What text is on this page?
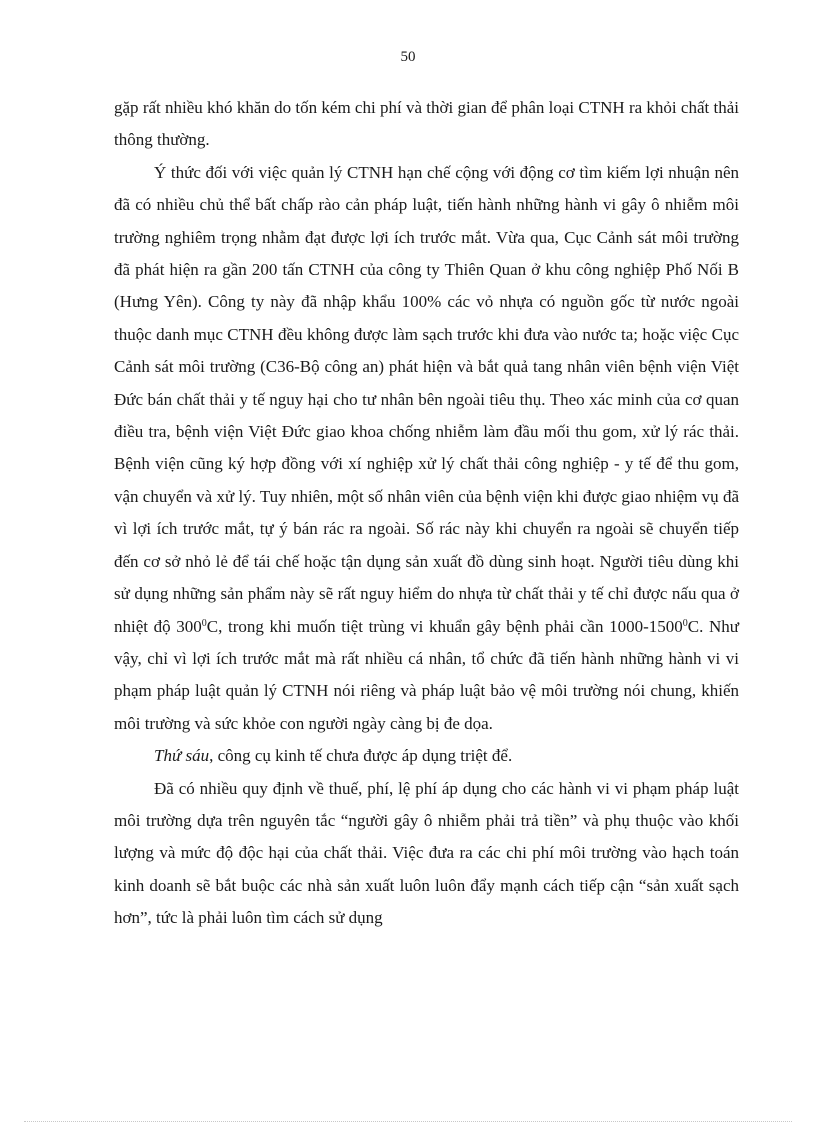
50

gặp rất nhiều khó khăn do tốn kém chi phí và thời gian để phân loại CTNH ra khỏi chất thải thông thường.

Ý thức đối với việc quản lý CTNH hạn chế cộng với động cơ tìm kiếm lợi nhuận nên đã có nhiều chủ thể bất chấp rào cản pháp luật, tiến hành những hành vi gây ô nhiễm môi trường nghiêm trọng nhằm đạt được lợi ích trước mắt. Vừa qua, Cục Cảnh sát môi trường đã phát hiện ra gần 200 tấn CTNH của công ty Thiên Quan ở khu công nghiệp Phố Nối B (Hưng Yên). Công ty này đã nhập khẩu 100% các vỏ nhựa có nguồn gốc từ nước ngoài thuộc danh mục CTNH đều không được làm sạch trước khi đưa vào nước ta; hoặc việc Cục Cảnh sát môi trường (C36-Bộ công an) phát hiện và bắt quả tang nhân viên bệnh viện Việt Đức bán chất thải y tế nguy hại cho tư nhân bên ngoài tiêu thụ. Theo xác minh của cơ quan điều tra, bệnh viện Việt Đức giao khoa chống nhiễm làm đầu mối thu gom, xử lý rác thải. Bệnh viện cũng ký hợp đồng với xí nghiệp xử lý chất thải công nghiệp - y tế để thu gom, vận chuyển và xử lý. Tuy nhiên, một số nhân viên của bệnh viện khi được giao nhiệm vụ đã vì lợi ích trước mắt, tự ý bán rác ra ngoài. Số rác này khi chuyển ra ngoài sẽ chuyển tiếp đến cơ sở nhỏ lẻ để tái chế hoặc tận dụng sản xuất đồ dùng sinh hoạt. Người tiêu dùng khi sử dụng những sản phẩm này sẽ rất nguy hiểm do nhựa từ chất thải y tế chỉ được nấu qua ở nhiệt độ $300^0C$, trong khi muốn tiệt trùng vi khuẩn gây bệnh phải cần 1000-1500$^0$C. Như vậy, chỉ vì lợi ích trước mắt mà rất nhiều cá nhân, tổ chức đã tiến hành những hành vi vi phạm pháp luật quản lý CTNH nói riêng và pháp luật bảo vệ môi trường nói chung, khiến môi trường và sức khỏe con người ngày càng bị đe dọa.

Thứ sáu, công cụ kinh tế chưa được áp dụng triệt để.

Đã có nhiều quy định về thuế, phí, lệ phí áp dụng cho các hành vi vi phạm pháp luật môi trường dựa trên nguyên tắc “người gây ô nhiễm phải trả tiền” và phụ thuộc vào khối lượng và mức độ độc hại của chất thải. Việc đưa ra các chi phí môi trường vào hạch toán kinh doanh sẽ bắt buộc các nhà sản xuất luôn luôn đẩy mạnh cách tiếp cận “sản xuất sạch hơn”, tức là phải luôn tìm cách sử dụng
